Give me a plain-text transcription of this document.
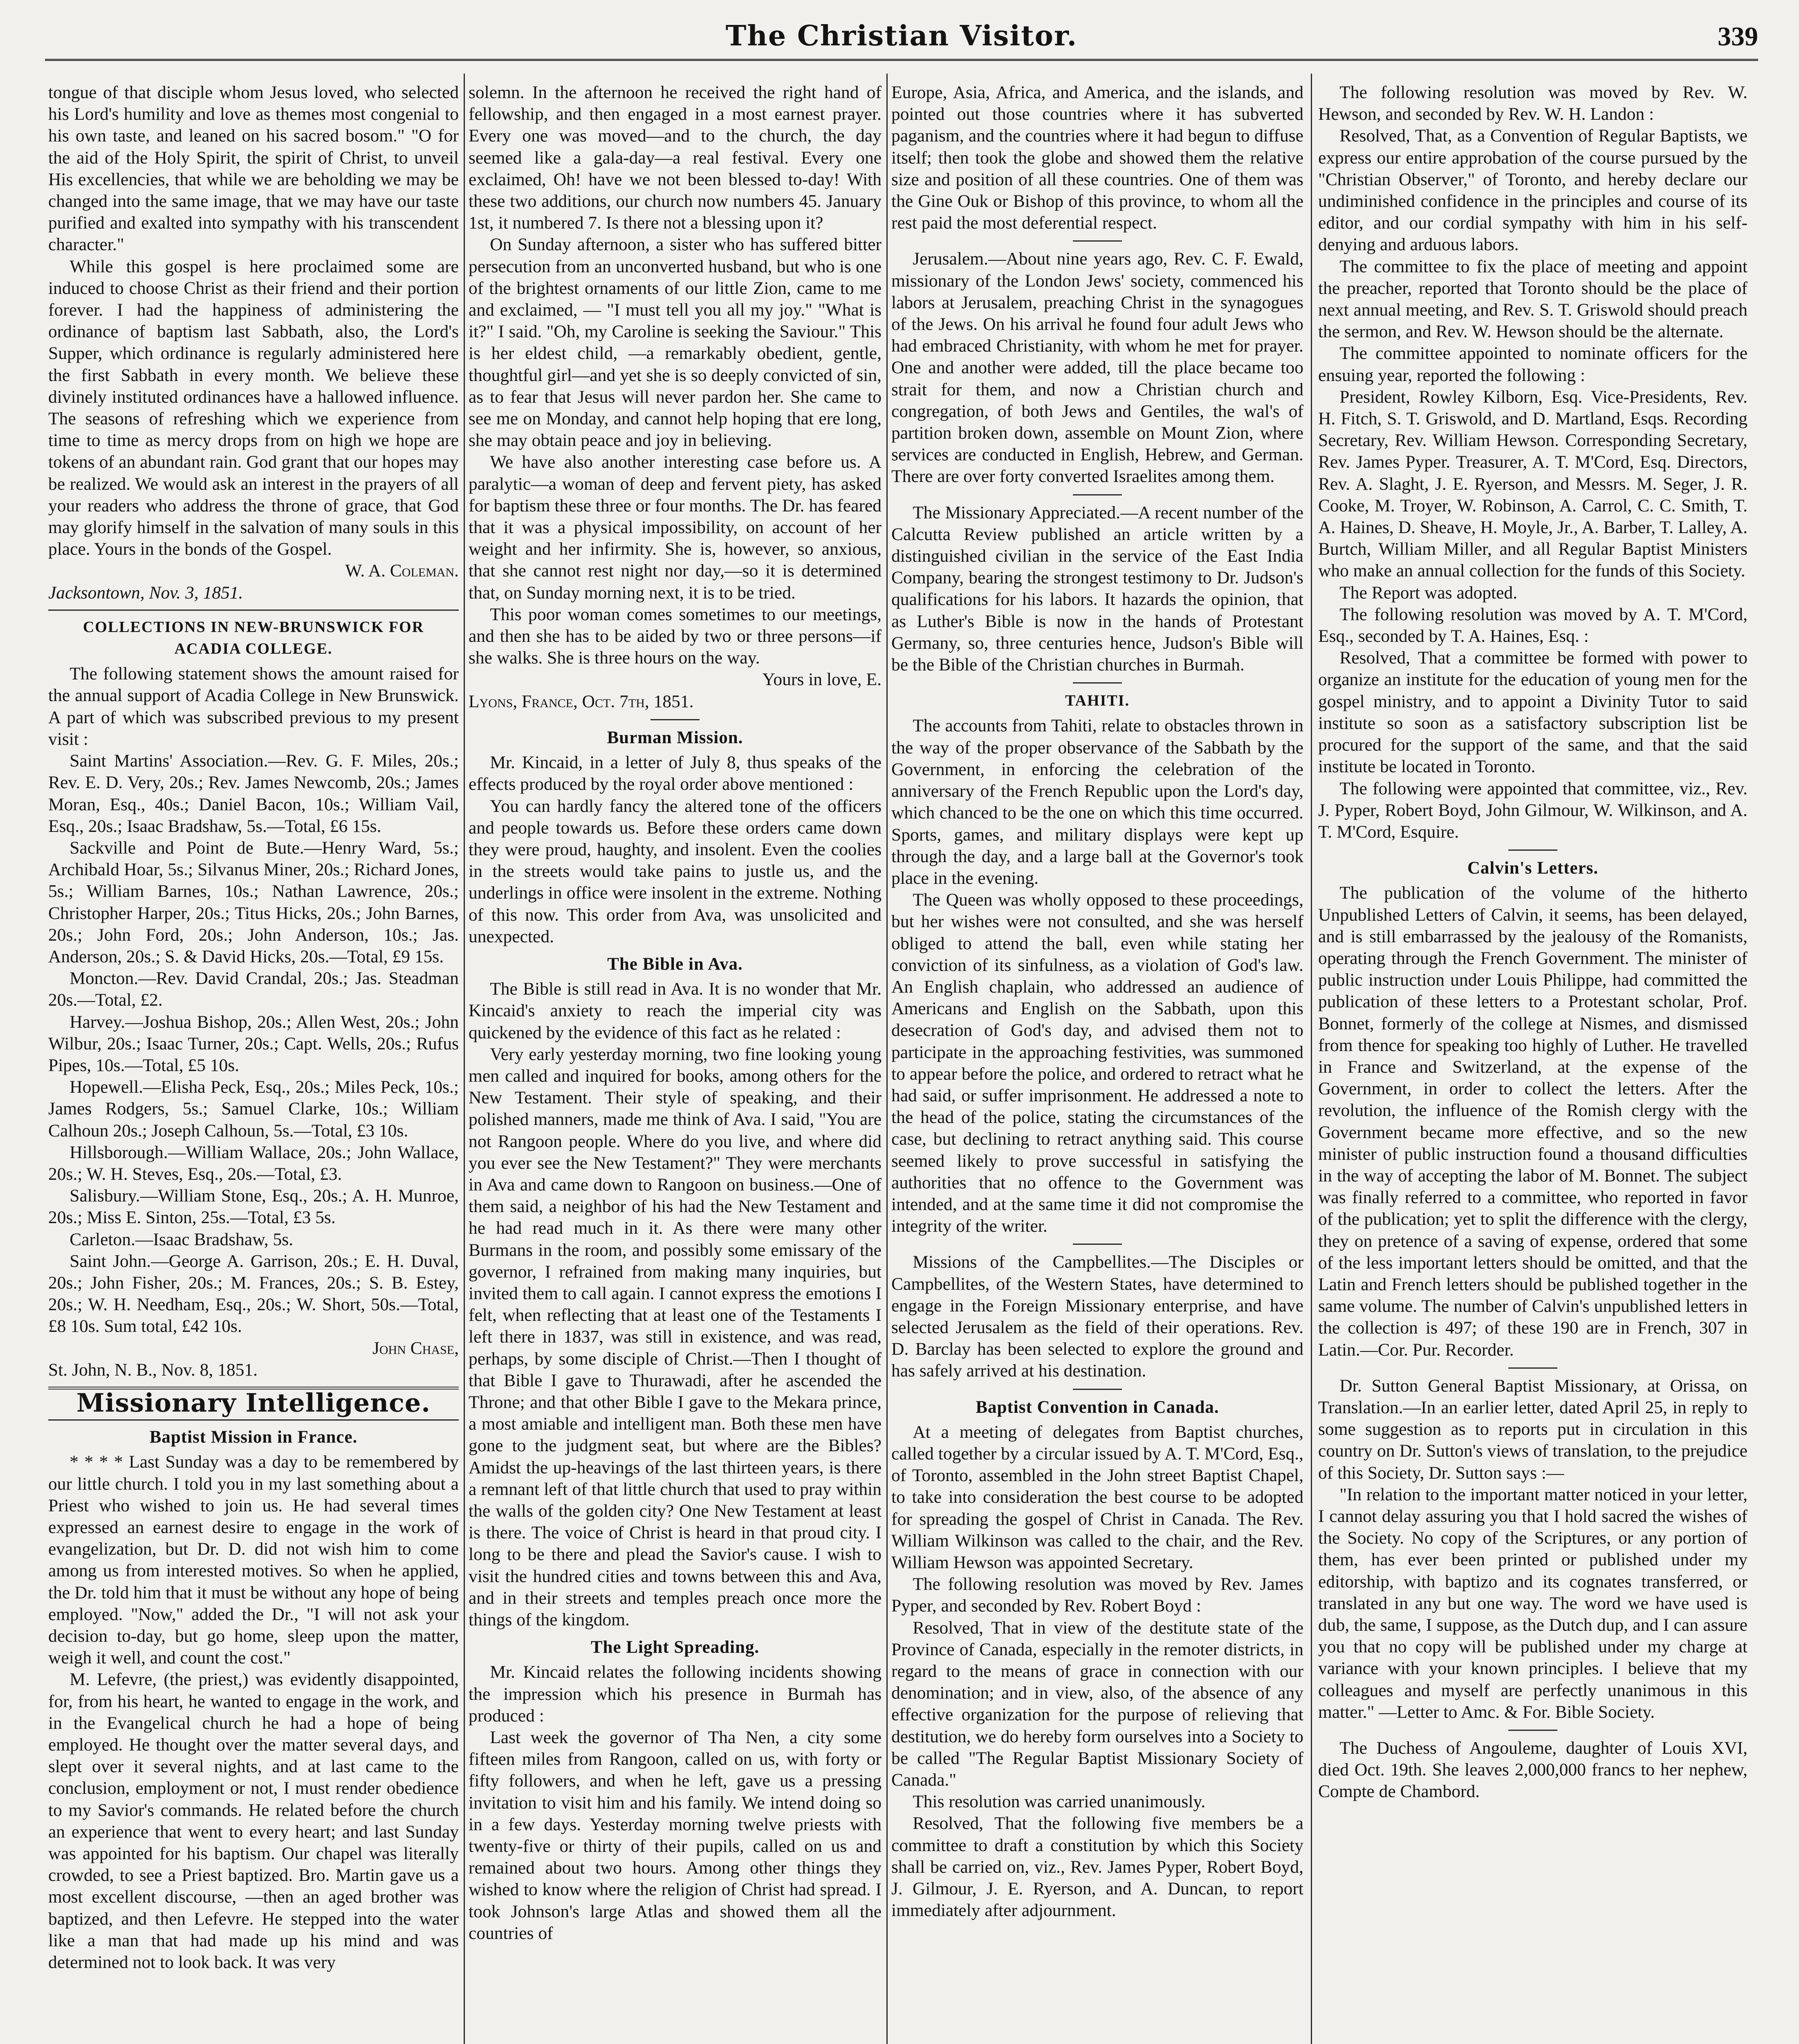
The Christian Visitor.	339

tongue of that disciple whom Jesus loved, who selected his Lord's humility and love as themes most congenial to his own taste, and leaned on his sacred bosom." "O for the aid of the Holy Spirit, the spirit of Christ, to unveil His excellencies, that while we are beholding we may be changed into the same image, that we may have our taste purified and exalted into sympathy with his transcendent character."

While this gospel is here proclaimed some are induced to choose Christ as their friend and their portion forever. I had the happiness of administering the ordinance of baptism last Sabbath, also, the Lord's Supper, which ordinance is regularly administered here the first Sabbath in every month. We believe these divinely instituted ordinances have a hallowed influence. The seasons of refreshing which we experience from time to time as mercy drops from on high we hope are tokens of an abundant rain. God grant that our hopes may be realized. We would ask an interest in the prayers of all your readers who address the throne of grace, that God may glorify himself in the salvation of many souls in this place. Yours in the bonds of the Gospel.

W. A. Coleman.

Jacksontown, Nov. 3, 1851.

COLLECTIONS IN NEW-BRUNSWICK FOR ACADIA COLLEGE.

The following statement shows the amount raised for the annual support of Acadia College in New Brunswick. A part of which was subscribed previous to my present visit :

Saint Martins' Association.—Rev. G. F. Miles, 20s.; Rev. E. D. Very, 20s.; Rev. James Newcomb, 20s.; James Moran, Esq., 40s.; Daniel Bacon, 10s.; William Vail, Esq., 20s.; Isaac Bradshaw, 5s.—Total, £6 15s.

Sackville and Point de Bute.—Henry Ward, 5s.; Archibald Hoar, 5s.; Silvanus Miner, 20s.; Richard Jones, 5s.; William Barnes, 10s.; Nathan Lawrence, 20s.; Christopher Harper, 20s.; Titus Hicks, 20s.; John Barnes, 20s.; John Ford, 20s.; John Anderson, 10s.; Jas. Anderson, 20s.; S. & David Hicks, 20s.—Total, £9 15s.

Moncton.—Rev. David Crandal, 20s.; Jas. Steadman 20s.—Total, £2.

Harvey.—Joshua Bishop, 20s.; Allen West, 20s.; John Wilbur, 20s.; Isaac Turner, 20s.; Capt. Wells, 20s.; Rufus Pipes, 10s.—Total, £5 10s.

Hopewell.—Elisha Peck, Esq., 20s.; Miles Peck, 10s.; James Rodgers, 5s.; Samuel Clarke, 10s.; William Calhoun 20s.; Joseph Calhoun, 5s.—Total, £3 10s.

Hillsborough.—William Wallace, 20s.; John Wallace, 20s.; W. H. Steves, Esq., 20s.—Total, £3.

Salisbury.—William Stone, Esq., 20s.; A. H. Munroe, 20s.; Miss E. Sinton, 25s.—Total, £3 5s.

Carleton.—Isaac Bradshaw, 5s.

Saint John.—George A. Garrison, 20s.; E. H. Duval, 20s.; John Fisher, 20s.; M. Frances, 20s.; S. B. Estey, 20s.; W. H. Needham, Esq., 20s.; W. Short, 50s.—Total, £8 10s. Sum total, £42 10s.

John Chase,

St. John, N. B., Nov. 8, 1851.

Missionary Intelligence.
Baptist Mission in France.

* * * * Last Sunday was a day to be remembered by our little church. I told you in my last something about a Priest who wished to join us. He had several times expressed an earnest desire to engage in the work of evangelization, but Dr. D. did not wish him to come among us from interested motives. So when he applied, the Dr. told him that it must be without any hope of being employed. "Now," added the Dr., "I will not ask your decision to-day, but go home, sleep upon the matter, weigh it well, and count the cost."

M. Lefevre, (the priest,) was evidently disappointed, for, from his heart, he wanted to engage in the work, and in the Evangelical church he had a hope of being employed. He thought over the matter several days, and slept over it several nights, and at last came to the conclusion, employment or not, I must render obedience to my Savior's commands. He related before the church an experience that went to every heart; and last Sunday was appointed for his baptism. Our chapel was literally crowded, to see a Priest baptized. Bro. Martin gave us a most excellent discourse, —then an aged brother was baptized, and then Lefevre. He stepped into the water like a man that had made up his mind and was determined not to look back. It was very

solemn. In the afternoon he received the right hand of fellowship, and then engaged in a most earnest prayer. Every one was moved—and to the church, the day seemed like a gala-day—a real festival. Every one exclaimed, Oh! have we not been blessed to-day! With these two additions, our church now numbers 45. January 1st, it numbered 7. Is there not a blessing upon it?

On Sunday afternoon, a sister who has suffered bitter persecution from an unconverted husband, but who is one of the brightest ornaments of our little Zion, came to me and exclaimed, — "I must tell you all my joy." "What is it?" I said. "Oh, my Caroline is seeking the Saviour." This is her eldest child, —a remarkably obedient, gentle, thoughtful girl—and yet she is so deeply convicted of sin, as to fear that Jesus will never pardon her. She came to see me on Monday, and cannot help hoping that ere long, she may obtain peace and joy in believing.

We have also another interesting case before us. A paralytic—a woman of deep and fervent piety, has asked for baptism these three or four months. The Dr. has feared that it was a physical impossibility, on account of her weight and her infirmity. She is, however, so anxious, that she cannot rest night nor day,—so it is determined that, on Sunday morning next, it is to be tried.

This poor woman comes sometimes to our meetings, and then she has to be aided by two or three persons—if she walks. She is three hours on the way.

Yours in love, E.

Lyons, France, Oct. 7th, 1851.

Burman Mission.

Mr. Kincaid, in a letter of July 8, thus speaks of the effects produced by the royal order above mentioned :

You can hardly fancy the altered tone of the officers and people towards us. Before these orders came down they were proud, haughty, and insolent. Even the coolies in the streets would take pains to justle us, and the underlings in office were insolent in the extreme. Nothing of this now. This order from Ava, was unsolicited and unexpected.

The Bible in Ava.

The Bible is still read in Ava. It is no wonder that Mr. Kincaid's anxiety to reach the imperial city was quickened by the evidence of this fact as he related :

Very early yesterday morning, two fine looking young men called and inquired for books, among others for the New Testament. Their style of speaking, and their polished manners, made me think of Ava. I said, "You are not Rangoon people. Where do you live, and where did you ever see the New Testament?" They were merchants in Ava and came down to Rangoon on business.—One of them said, a neighbor of his had the New Testament and he had read much in it. As there were many other Burmans in the room, and possibly some emissary of the governor, I refrained from making many inquiries, but invited them to call again. I cannot express the emotions I felt, when reflecting that at least one of the Testaments I left there in 1837, was still in existence, and was read, perhaps, by some disciple of Christ.—Then I thought of that Bible I gave to Thurawadi, after he ascended the Throne; and that other Bible I gave to the Mekara prince, a most amiable and intelligent man. Both these men have gone to the judgment seat, but where are the Bibles? Amidst the up-heavings of the last thirteen years, is there a remnant left of that little church that used to pray within the walls of the golden city? One New Testament at least is there. The voice of Christ is heard in that proud city. I long to be there and plead the Savior's cause. I wish to visit the hundred cities and towns between this and Ava, and in their streets and temples preach once more the things of the kingdom.

The Light Spreading.

Mr. Kincaid relates the following incidents showing the impression which his presence in Burmah has produced :

Last week the governor of Tha Nen, a city some fifteen miles from Rangoon, called on us, with forty or fifty followers, and when he left, gave us a pressing invitation to visit him and his family. We intend doing so in a few days. Yesterday morning twelve priests with twenty-five or thirty of their pupils, called on us and remained about two hours. Among other things they wished to know where the religion of Christ had spread. I took Johnson's large Atlas and showed them all the countries of

Europe, Asia, Africa, and America, and the islands, and pointed out those countries where it has subverted paganism, and the countries where it had begun to diffuse itself; then took the globe and showed them the relative size and position of all these countries. One of them was the Gine Ouk or Bishop of this province, to whom all the rest paid the most deferential respect.

Jerusalem.—About nine years ago, Rev. C. F. Ewald, missionary of the London Jews' society, commenced his labors at Jerusalem, preaching Christ in the synagogues of the Jews. On his arrival he found four adult Jews who had embraced Christianity, with whom he met for prayer. One and another were added, till the place became too strait for them, and now a Christian church and congregation, of both Jews and Gentiles, the wal's of partition broken down, assemble on Mount Zion, where services are conducted in English, Hebrew, and German. There are over forty converted Israelites among them.

The Missionary Appreciated.—A recent number of the Calcutta Review published an article written by a distinguished civilian in the service of the East India Company, bearing the strongest testimony to Dr. Judson's qualifications for his labors. It hazards the opinion, that as Luther's Bible is now in the hands of Protestant Germany, so, three centuries hence, Judson's Bible will be the Bible of the Christian churches in Burmah.

TAHITI.

The accounts from Tahiti, relate to obstacles thrown in the way of the proper observance of the Sabbath by the Government, in enforcing the celebration of the anniversary of the French Republic upon the Lord's day, which chanced to be the one on which this time occurred. Sports, games, and military displays were kept up through the day, and a large ball at the Governor's took place in the evening.

The Queen was wholly opposed to these proceedings, but her wishes were not consulted, and she was herself obliged to attend the ball, even while stating her conviction of its sinfulness, as a violation of God's law. An English chaplain, who addressed an audience of Americans and English on the Sabbath, upon this desecration of God's day, and advised them not to participate in the approaching festivities, was summoned to appear before the police, and ordered to retract what he had said, or suffer imprisonment. He addressed a note to the head of the police, stating the circumstances of the case, but declining to retract anything said. This course seemed likely to prove successful in satisfying the authorities that no offence to the Government was intended, and at the same time it did not compromise the integrity of the writer.

Missions of the Campbellites.—The Disciples or Campbellites, of the Western States, have determined to engage in the Foreign Missionary enterprise, and have selected Jerusalem as the field of their operations. Rev. D. Barclay has been selected to explore the ground and has safely arrived at his destination.

Baptist Convention in Canada.

At a meeting of delegates from Baptist churches, called together by a circular issued by A. T. M'Cord, Esq., of Toronto, assembled in the John street Baptist Chapel, to take into consideration the best course to be adopted for spreading the gospel of Christ in Canada. The Rev. William Wilkinson was called to the chair, and the Rev. William Hewson was appointed Secretary.

The following resolution was moved by Rev. James Pyper, and seconded by Rev. Robert Boyd :

Resolved, That in view of the destitute state of the Province of Canada, especially in the remoter districts, in regard to the means of grace in connection with our denomination; and in view, also, of the absence of any effective organization for the purpose of relieving that destitution, we do hereby form ourselves into a Society to be called "The Regular Baptist Missionary Society of Canada."

This resolution was carried unanimously.

Resolved, That the following five members be a committee to draft a constitution by which this Society shall be carried on, viz., Rev. James Pyper, Robert Boyd, J. Gilmour, J. E. Ryerson, and A. Duncan, to report immediately after adjournment.

The following resolution was moved by Rev. W. Hewson, and seconded by Rev. W. H. Landon :

Resolved, That, as a Convention of Regular Baptists, we express our entire approbation of the course pursued by the "Christian Observer," of Toronto, and hereby declare our undiminished confidence in the principles and course of its editor, and our cordial sympathy with him in his self-denying and arduous labors.

The committee to fix the place of meeting and appoint the preacher, reported that Toronto should be the place of next annual meeting, and Rev. S. T. Griswold should preach the sermon, and Rev. W. Hewson should be the alternate.

The committee appointed to nominate officers for the ensuing year, reported the following :

President, Rowley Kilborn, Esq. Vice-Presidents, Rev. H. Fitch, S. T. Griswold, and D. Martland, Esqs. Recording Secretary, Rev. William Hewson. Corresponding Secretary, Rev. James Pyper. Treasurer, A. T. M'Cord, Esq. Directors, Rev. A. Slaght, J. E. Ryerson, and Messrs. M. Seger, J. R. Cooke, M. Troyer, W. Robinson, A. Carrol, C. C. Smith, T. A. Haines, D. Sheave, H. Moyle, Jr., A. Barber, T. Lalley, A. Burtch, William Miller, and all Regular Baptist Ministers who make an annual collection for the funds of this Society.

The Report was adopted.

The following resolution was moved by A. T. M'Cord, Esq., seconded by T. A. Haines, Esq. :

Resolved, That a committee be formed with power to organize an institute for the education of young men for the gospel ministry, and to appoint a Divinity Tutor to said institute so soon as a satisfactory subscription list be procured for the support of the same, and that the said institute be located in Toronto.

The following were appointed that committee, viz., Rev. J. Pyper, Robert Boyd, John Gilmour, W. Wilkinson, and A. T. M'Cord, Esquire.

Calvin's Letters.

The publication of the volume of the hitherto Unpublished Letters of Calvin, it seems, has been delayed, and is still embarrassed by the jealousy of the Romanists, operating through the French Government. The minister of public instruction under Louis Philippe, had committed the publication of these letters to a Protestant scholar, Prof. Bonnet, formerly of the college at Nismes, and dismissed from thence for speaking too highly of Luther. He travelled in France and Switzerland, at the expense of the Government, in order to collect the letters. After the revolution, the influence of the Romish clergy with the Government became more effective, and so the new minister of public instruction found a thousand difficulties in the way of accepting the labor of M. Bonnet. The subject was finally referred to a committee, who reported in favor of the publication; yet to split the difference with the clergy, they on pretence of a saving of expense, ordered that some of the less important letters should be omitted, and that the Latin and French letters should be published together in the same volume. The number of Calvin's unpublished letters in the collection is 497; of these 190 are in French, 307 in Latin.—Cor. Pur. Recorder.

Dr. Sutton General Baptist Missionary, at Orissa, on Translation.—In an earlier letter, dated April 25, in reply to some suggestion as to reports put in circulation in this country on Dr. Sutton's views of translation, to the prejudice of this Society, Dr. Sutton says :—

"In relation to the important matter noticed in your letter, I cannot delay assuring you that I hold sacred the wishes of the Society. No copy of the Scriptures, or any portion of them, has ever been printed or published under my editorship, with baptizo and its cognates transferred, or translated in any but one way. The word we have used is dub, the same, I suppose, as the Dutch dup, and I can assure you that no copy will be published under my charge at variance with your known principles. I believe that my colleagues and myself are perfectly unanimous in this matter." —Letter to Amc. & For. Bible Society.

The Duchess of Angouleme, daughter of Louis XVI, died Oct. 19th. She leaves 2,000,000 francs to her nephew, Compte de Chambord.
